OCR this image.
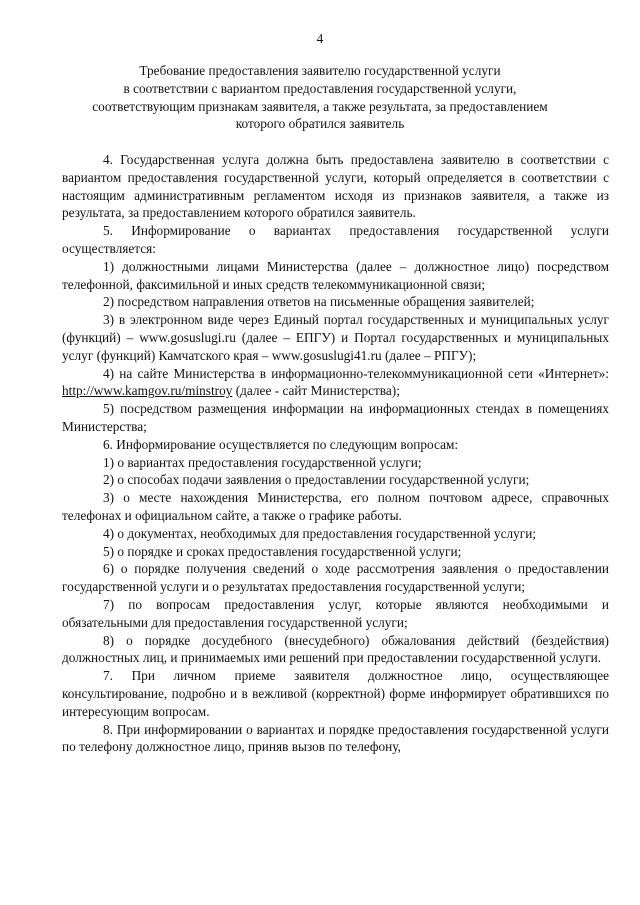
4

Требование предоставления заявителю государственной услуги

в соответствии с вариантом предоставления государственной услуги,

соответствующим признакам заявителя, а также результата, за предоставлением

которого обратился заявитель

4. Государственная услуга должна быть предоставлена заявителю в соответствии с вариантом предоставления государственной услуги, который определяется в соответствии с настоящим административным регламентом исходя из признаков заявителя, а также из результата, за предоставлением которого обратился заявитель.

5. Информирование о вариантах предоставления государственной услуги осуществляется:

1) должностными лицами Министерства (далее – должностное лицо) посредством телефонной, факсимильной и иных средств телекоммуникационной связи;

2) посредством направления ответов на письменные обращения заявителей;

3) в электронном виде через Единый портал государственных и муниципальных услуг (функций) – www.gosuslugi.ru (далее – ЕПГУ) и Портал государственных и муниципальных услуг (функций) Камчатского края – www.gosuslugi41.ru (далее – РПГУ);

4) на сайте Министерства в информационно-телекоммуникационной сети «Интернет»: http://www.kamgov.ru/minstroy (далее - сайт Министерства);

5) посредством размещения информации на информационных стендах в помещениях Министерства;

6. Информирование осуществляется по следующим вопросам:

1) о вариантах предоставления государственной услуги;

2) о способах подачи заявления о предоставлении государственной услуги;

3) о месте нахождения Министерства, его полном почтовом адресе, справочных телефонах и официальном сайте, а также о графике работы.

4) о документах, необходимых для предоставления государственной услуги;

5) о порядке и сроках предоставления государственной услуги;

6) о порядке получения сведений о ходе рассмотрения заявления о предоставлении государственной услуги и о результатах предоставления государственной услуги;

7) по вопросам предоставления услуг, которые являются необходимыми и обязательными для предоставления государственной услуги;

8) о порядке досудебного (внесудебного) обжалования действий (бездействия) должностных лиц, и принимаемых ими решений при предоставлении государственной услуги.

7. При личном приеме заявителя должностное лицо, осуществляющее консультирование, подробно и в вежливой (корректной) форме информирует обратившихся по интересующим вопросам.

8. При информировании о вариантах и порядке предоставления государственной услуги по телефону должностное лицо, приняв вызов по телефону,
